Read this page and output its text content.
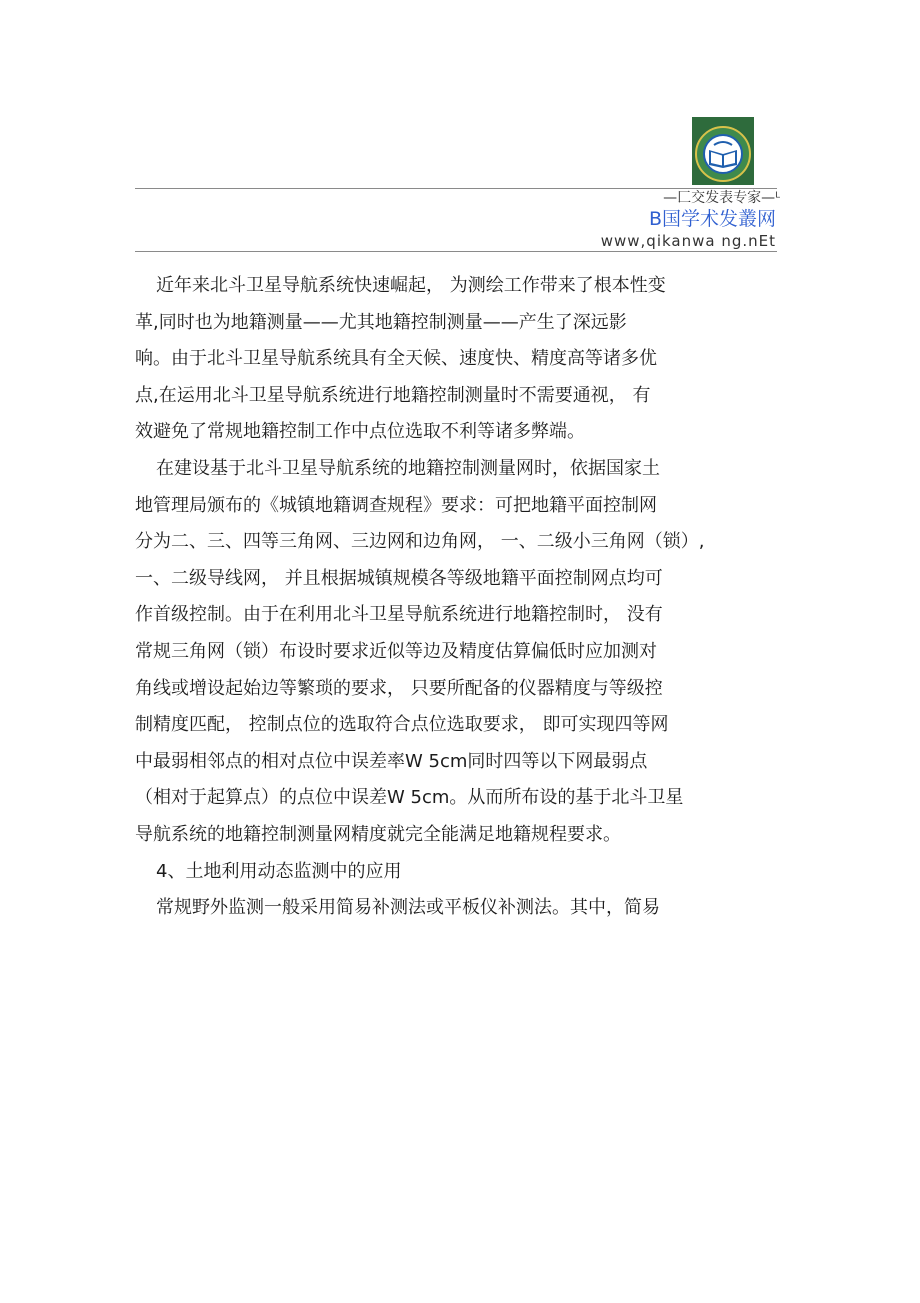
—匚交发表专家—ᴸ
B国学术发叢网
www,qikanwa ng.nEt
近年来北斗卫星导航系统快速崛起， 为测绘工作带来了根本性变
革,同时也为地籍测量——尤其地籍控制测量——产生了深远影
响。由于北斗卫星导航系统具有全天候、速度快、精度高等诸多优
点,在运用北斗卫星导航系统进行地籍控制测量时不需要通视， 有
效避免了常规地籍控制工作中点位选取不利等诸多弊端。
在建设基于北斗卫星导航系统的地籍控制测量网时，依据国家土
地管理局颁布的《城镇地籍调查规程》要求：可把地籍平面控制网
分为二、三、四等三角网、三边网和边角网， 一、二级小三角网（锁）,
一、二级导线网， 并且根据城镇规模各等级地籍平面控制网点均可
作首级控制。由于在利用北斗卫星导航系统进行地籍控制时， 没有
常规三角网（锁）布设时要求近似等边及精度估算偏低时应加测对
角线或增设起始边等繁琐的要求， 只要所配备的仪器精度与等级控
制精度匹配， 控制点位的选取符合点位选取要求， 即可实现四等网
中最弱相邻点的相对点位中误差率W 5cm同时四等以下网最弱点
（相对于起算点）的点位中误差W 5cm。从而所布设的基于北斗卫星
导航系统的地籍控制测量网精度就完全能满足地籍规程要求。
4、土地利用动态监测中的应用
常规野外监测一般采用简易补测法或平板仪补测法。其中，简易
